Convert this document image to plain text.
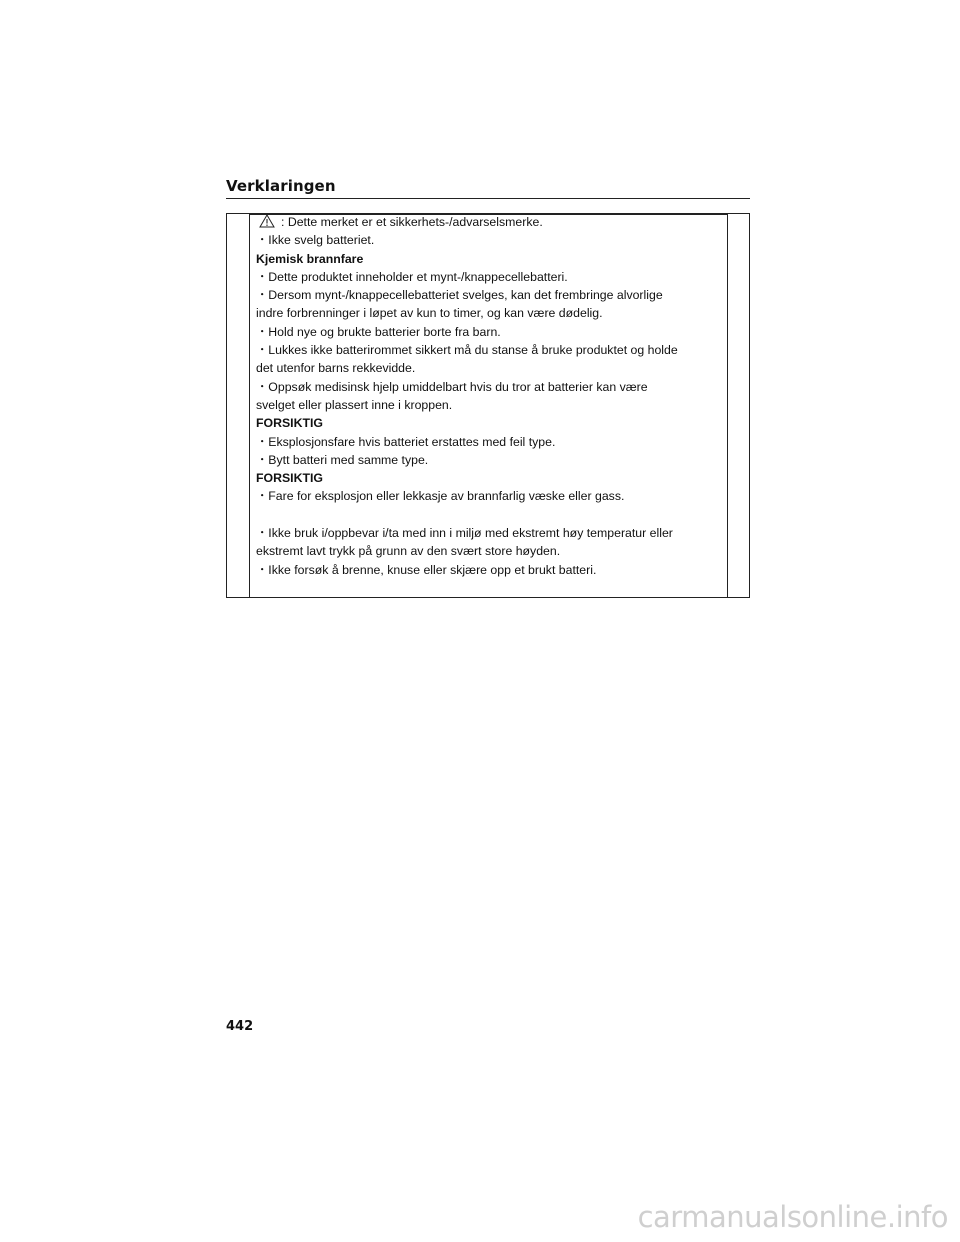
Verklaringen
: Dette merket er et sikkerhets-/advarselsmerke.
・Ikke svelg batteriet.
Kjemisk brannfare
・Dette produktet inneholder et mynt-/knappecellebatteri.
・Dersom mynt-/knappecellebatteriet svelges, kan det frembringe alvorlige
indre forbrenninger i løpet av kun to timer, og kan være dødelig.
・Hold nye og brukte batterier borte fra barn.
・Lukkes ikke batterirommet sikkert må du stanse å bruke produktet og holde
det utenfor barns rekkevidde.
・Oppsøk medisinsk hjelp umiddelbart hvis du tror at batterier kan være
svelget eller plassert inne i kroppen.
FORSIKTIG
・Eksplosjonsfare hvis batteriet erstattes med feil type.
・Bytt batteri med samme type.
FORSIKTIG
・Fare for eksplosjon eller lekkasje av brannfarlig væske eller gass.
・Ikke bruk i/oppbevar i/ta med inn i miljø med ekstremt høy temperatur eller
ekstremt lavt trykk på grunn av den svært store høyden.
・Ikke forsøk å brenne, knuse eller skjære opp et brukt batteri.
442
carmanualsonline.info
